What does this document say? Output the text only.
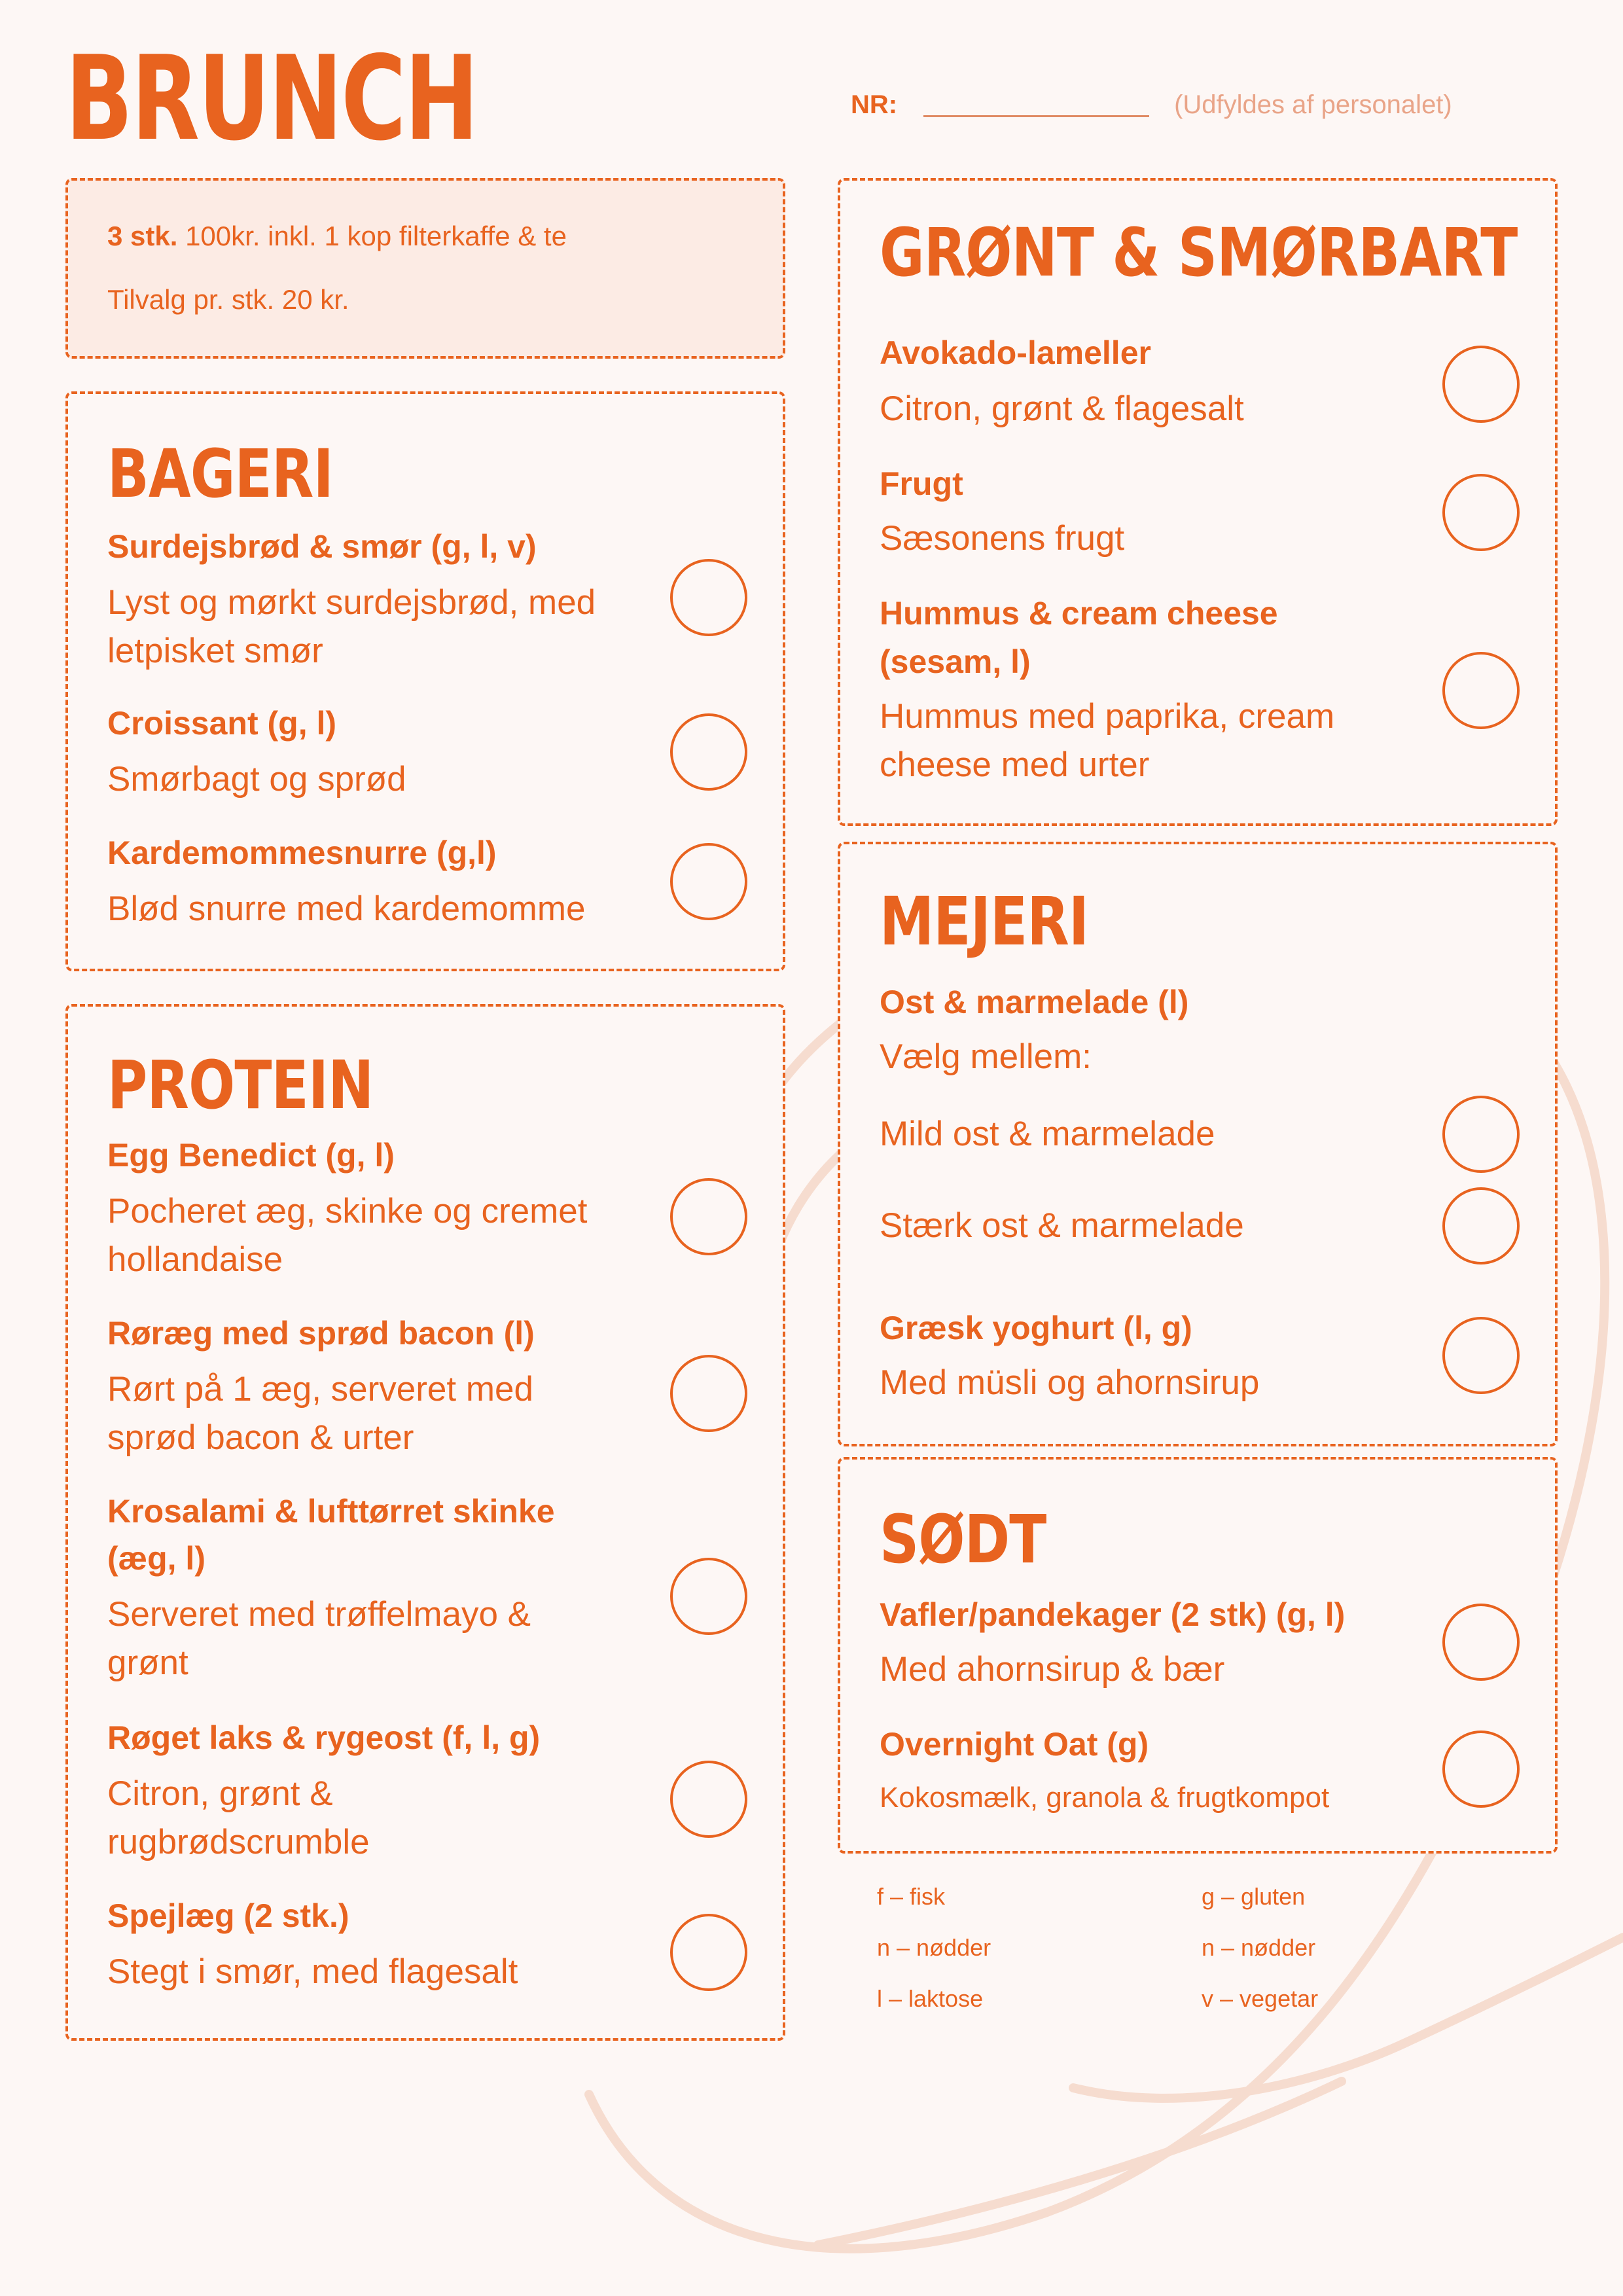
BRUNCH	NR:	(Udfyldes af personalet)

3 stk. 100kr. inkl. 1 kop filterkaffe & te

Tilvalg pr. stk. 20 kr.

BAGERI

Surdejsbrød & smør (g, l, v)

Lyst og mørkt surdejsbrød, med

letpisket smør

Croissant (g, l)

Smørbagt og sprød

Kardemommesnurre (g,l)

Blød snurre med kardemomme

PROTEIN

Egg Benedict (g, l)

Pocheret æg, skinke og cremet

hollandaise

Røræg med sprød bacon (l)

Rørt på 1 æg, serveret med

sprød bacon & urter

Krosalami & lufttørret skinke

(æg, l)

Serveret med trøffelmayo &

grønt

Røget laks & rygeost (f, l, g)

Citron, grønt &

rugbrødscrumble

Spejlæg (2 stk.)

Stegt i smør, med flagesalt

GRØNT & SMØRBART

Avokado-lameller

Citron, grønt & flagesalt

Frugt

Sæsonens frugt

Hummus & cream cheese

(sesam, l)

Hummus med paprika, cream

cheese med urter

MEJERI

Ost & marmelade (l)

Vælg mellem:

Mild ost & marmelade

Stærk ost & marmelade

Græsk yoghurt (l, g)

Med müsli og ahornsirup

SØDT

Vafler/pandekager (2 stk) (g, l)

Med ahornsirup & bær

Overnight Oat (g)

Kokosmælk, granola & frugtkompot

f – fisk	g – gluten

n – nødder	n – nødder

l – laktose	v – vegetar
